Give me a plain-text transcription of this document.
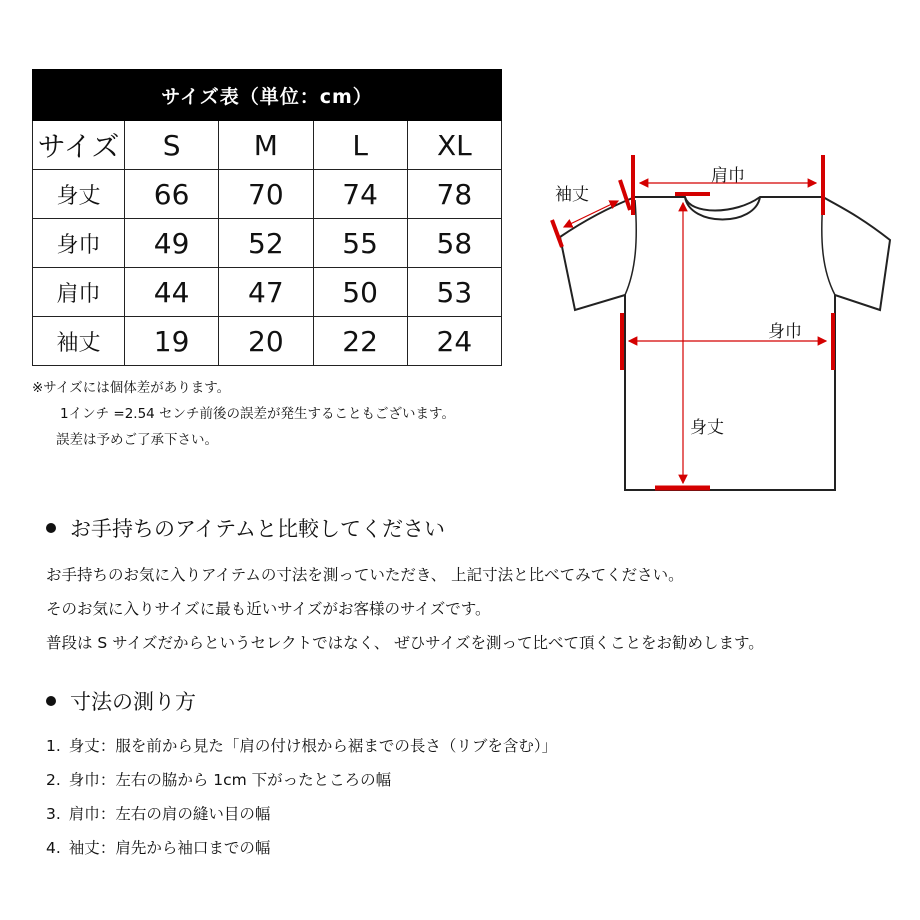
サイズ表（単位：cm）				
サイズ	S	M	L	XL
身丈	66	70	74	78
身巾	49	52	55	58
肩巾	44	47	50	53
袖丈	19	20	22	24
※サイズには個体差があります。
1インチ =2.54 センチ前後の誤差が発生することもございます。
誤差は予めご了承下さい。
肩巾
袖丈
身巾
身丈
お手持ちのアイテムと比較してください
お手持ちのお気に入りアイテムの寸法を測っていただき、 上記寸法と比べてみてください。
そのお気に入りサイズに最も近いサイズがお客様のサイズです。
普段は S サイズだからというセレクトではなく、 ぜひサイズを測って比べて頂くことをお勧めします。
寸法の測り方
1. 身丈：服を前から見た「肩の付け根から裾までの長さ（リブを含む）」
2. 身巾：左右の脇から 1cm 下がったところの幅
3. 肩巾：左右の肩の縫い目の幅
4. 袖丈：肩先から袖口までの幅
